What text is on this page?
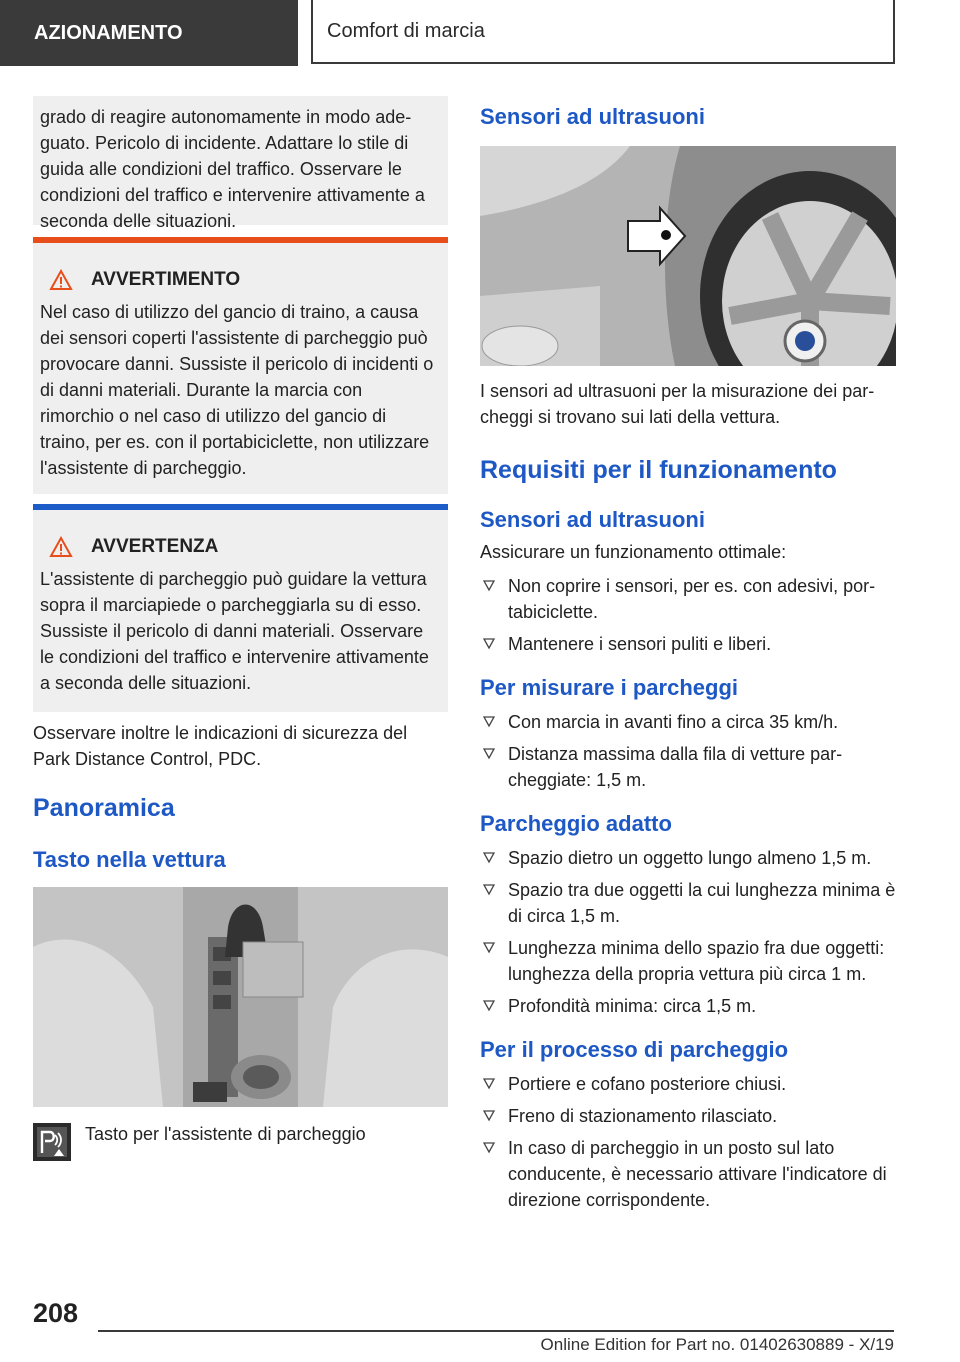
AZIONAMENTO	Comfort di marcia

grado di reagire autonomamente in modo adeguato. Pericolo di incidente. Adattare lo stile di guida alle condizioni del traffico. Osservare le condizioni del traffico e intervenire attivamente a seconda delle situazioni.

AVVERTIMENTO

Nel caso di utilizzo del gancio di traino, a causa dei sensori coperti l'assistente di parcheggio può provocare danni. Sussiste il pericolo di incidenti o di danni materiali. Durante la marcia con rimorchio o nel caso di utilizzo del gancio di traino, per es. con il portabiciclette, non utilizzare l'assistente di parcheggio.

AVVERTENZA

L'assistente di parcheggio può guidare la vettura sopra il marciapiede o parcheggiarla su di esso. Sussiste il pericolo di danni materiali. Osservare le condizioni del traffico e intervenire attivamente a seconda delle situazioni.

Osservare inoltre le indicazioni di sicurezza del Park Distance Control, PDC.

Panoramica
Tasto nella vettura
Tasto per l'assistente di parcheggio
Sensori ad ultrasuoni

I sensori ad ultrasuoni per la misurazione dei parcheggi si trovano sui lati della vettura.

Requisiti per il funzionamento
Sensori ad ultrasuoni

Assicurare un funzionamento ottimale:

Non coprire i sensori, per es. con adesivi, portabiciclette.
Mantenere i sensori puliti e liberi.
Per misurare i parcheggi
Con marcia in avanti fino a circa 35 km/h.
Distanza massima dalla fila di vetture parcheggiate: 1,5 m.
Parcheggio adatto
Spazio dietro un oggetto lungo almeno 1,5 m.
Spazio tra due oggetti la cui lunghezza minima è di circa 1,5 m.
Lunghezza minima dello spazio fra due oggetti: lunghezza della propria vettura più circa 1 m.
Profondità minima: circa 1,5 m.
Per il processo di parcheggio
Portiere e cofano posteriore chiusi.
Freno di stazionamento rilasciato.
In caso di parcheggio in un posto sul lato conducente, è necessario attivare l'indicatore di direzione corrispondente.
208
Online Edition for Part no. 01402630889 - X/19
